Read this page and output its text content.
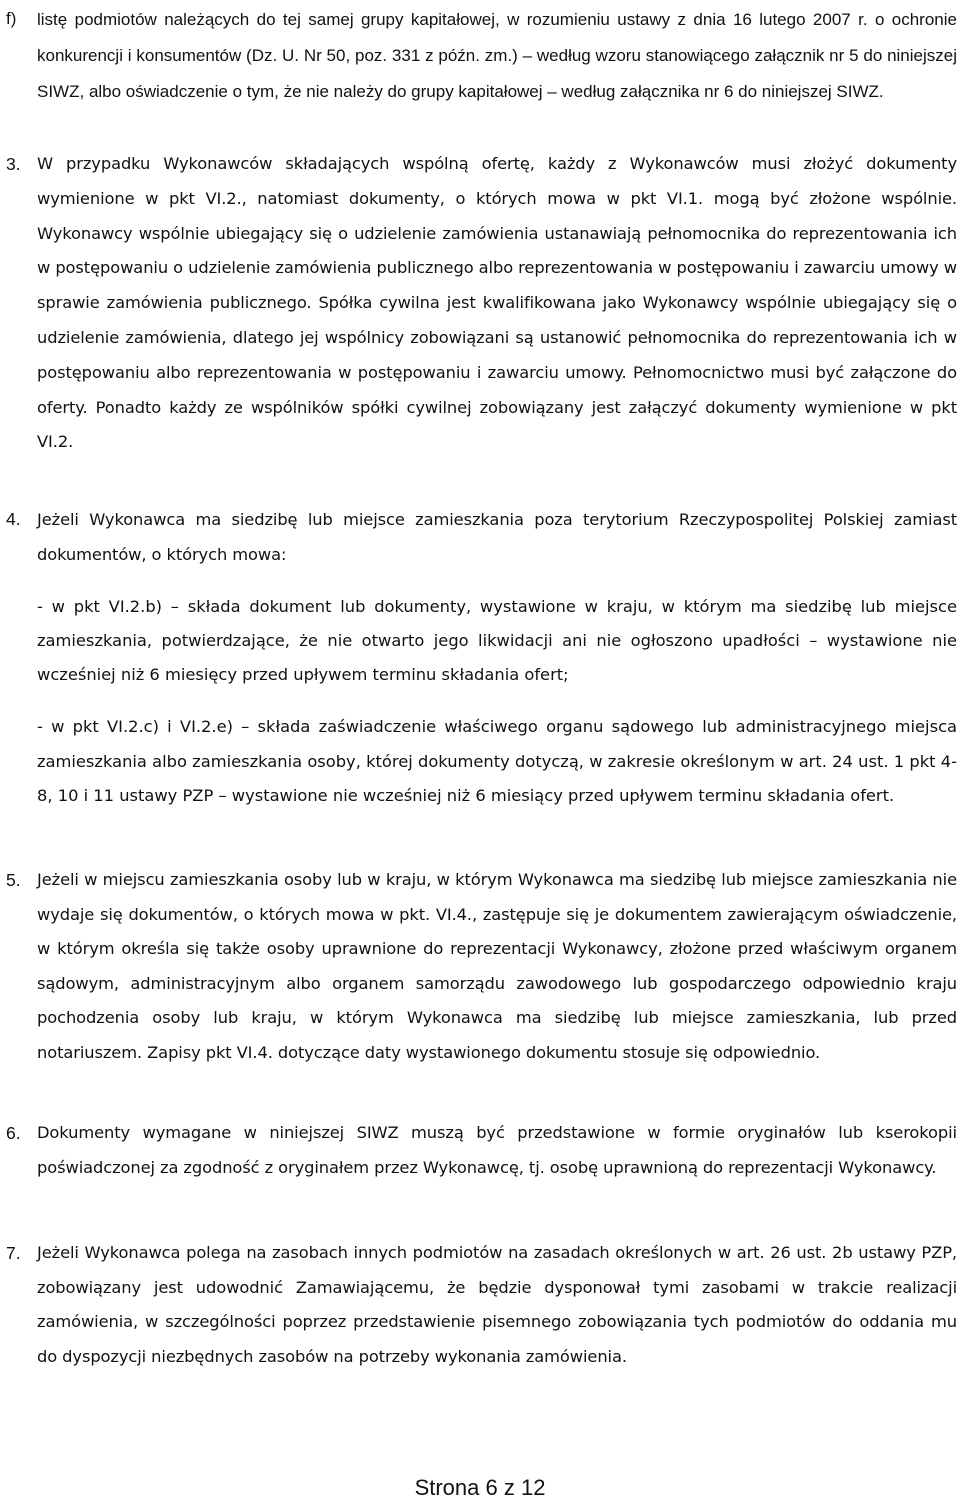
f) listę podmiotów należących do tej samej grupy kapitałowej, w rozumieniu ustawy z dnia 16 lutego 2007 r. o ochronie konkurencji i konsumentów (Dz. U. Nr 50, poz. 331 z późn. zm.) – według wzoru stanowiącego załącznik nr 5 do niniejszej SIWZ, albo oświadczenie o tym, że nie należy do grupy kapitałowej – według załącznika nr 6 do niniejszej SIWZ.
3. W przypadku Wykonawców składających wspólną ofertę, każdy z Wykonawców musi złożyć dokumenty wymienione w pkt VI.2., natomiast dokumenty, o których mowa w pkt VI.1. mogą być złożone wspólnie. Wykonawcy wspólnie ubiegający się o udzielenie zamówienia ustanawiają pełnomocnika do reprezentowania ich w postępowaniu o udzielenie zamówienia publicznego albo reprezentowania w postępowaniu i zawarciu umowy w sprawie zamówienia publicznego. Spółka cywilna jest kwalifikowana jako Wykonawcy wspólnie ubiegający się o udzielenie zamówienia, dlatego jej wspólnicy zobowiązani są ustanowić pełnomocnika do reprezentowania ich w postępowaniu albo reprezentowania w postępowaniu i zawarciu umowy. Pełnomocnictwo musi być załączone do oferty. Ponadto każdy ze wspólników spółki cywilnej zobowiązany jest załączyć dokumenty wymienione w pkt VI.2.
4. Jeżeli Wykonawca ma siedzibę lub miejsce zamieszkania poza terytorium Rzeczypospolitej Polskiej zamiast dokumentów, o których mowa:
- w pkt VI.2.b) – składa dokument lub dokumenty, wystawione w kraju, w którym ma siedzibę lub miejsce zamieszkania, potwierdzające, że nie otwarto jego likwidacji ani nie ogłoszono upadłości – wystawione nie wcześniej niż 6 miesięcy przed upływem terminu składania ofert;
- w pkt VI.2.c) i VI.2.e) – składa zaświadczenie właściwego organu sądowego lub administracyjnego miejsca zamieszkania albo zamieszkania osoby, której dokumenty dotyczą, w zakresie określonym w art. 24 ust. 1 pkt 4-8, 10 i 11 ustawy PZP – wystawione nie wcześniej niż 6 miesiący przed upływem terminu składania ofert.
5. Jeżeli w miejscu zamieszkania osoby lub w kraju, w którym Wykonawca ma siedzibę lub miejsce zamieszkania nie wydaje się dokumentów, o których mowa w pkt. VI.4., zastępuje się je dokumentem zawierającym oświadczenie, w którym określa się także osoby uprawnione do reprezentacji Wykonawcy, złożone przed właściwym organem sądowym, administracyjnym albo organem samorządu zawodowego lub gospodarczego odpowiednio kraju pochodzenia osoby lub kraju, w którym Wykonawca ma siedzibę lub miejsce zamieszkania, lub przed notariuszem. Zapisy pkt VI.4. dotyczące daty wystawionego dokumentu stosuje się odpowiednio.
6. Dokumenty wymagane w niniejszej SIWZ muszą być przedstawione w formie oryginałów lub kserokopii poświadczonej za zgodność z oryginałem przez Wykonawcę, tj. osobę uprawnioną do reprezentacji Wykonawcy.
7. Jeżeli Wykonawca polega na zasobach innych podmiotów na zasadach określonych w art. 26 ust. 2b ustawy PZP, zobowiązany jest udowodnić Zamawiającemu, że będzie dysponował tymi zasobami w trakcie realizacji zamówienia, w szczególności poprzez przedstawienie pisemnego zobowiązania tych podmiotów do oddania mu do dyspozycji niezbędnych zasobów na potrzeby wykonania zamówienia.
Strona 6 z 12
